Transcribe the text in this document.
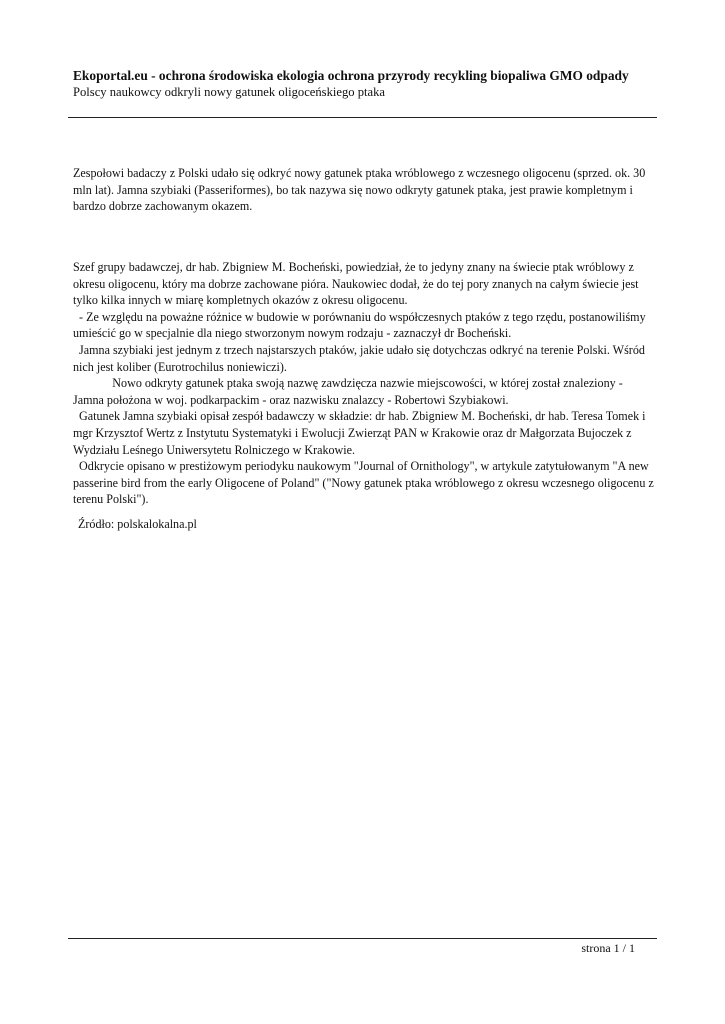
Ekoportal.eu - ochrona środowiska ekologia ochrona przyrody recykling biopaliwa GMO odpady
Polscy naukowcy odkryli nowy gatunek oligoceńskiego ptaka

Zespołowi badaczy z Polski udało się odkryć nowy gatunek ptaka wróblowego z wczesnego oligocenu (sprzed. ok. 30
mln lat). Jamna szybiaki (Passeriformes), bo tak nazywa się nowo odkryty gatunek ptaka, jest prawie kompletnym i
bardzo dobrze zachowanym okazem.

Szef grupy badawczej, dr hab. Zbigniew M. Bocheński, powiedział, że to jedyny znany na świecie ptak wróblowy z
okresu oligocenu, który ma dobrze zachowane pióra. Naukowiec dodał, że do tej pory znanych na całym świecie jest
tylko kilka innych w miarę kompletnych okazów z okresu oligocenu.
- Ze względu na poważne różnice w budowie w porównaniu do współczesnych ptaków z tego rzędu, postanowiliśmy
umieścić go w specjalnie dla niego stworzonym nowym rodzaju - zaznaczył dr Bocheński.
Jamna szybiaki jest jednym z trzech najstarszych ptaków, jakie udało się dotychczas odkryć na terenie Polski. Wśród
nich jest koliber (Eurotrochilus noniewiczi).
Nowo odkryty gatunek ptaka swoją nazwę zawdzięcza nazwie miejscowości, w której został znaleziony -
Jamna położona w woj. podkarpackim - oraz nazwisku znalazcy - Robertowi Szybiakowi.
Gatunek Jamna szybiaki opisał zespół badawczy w składzie: dr hab. Zbigniew M. Bocheński, dr hab. Teresa Tomek i
mgr Krzysztof Wertz z Instytutu Systematyki i Ewolucji Zwierząt PAN w Krakowie oraz dr Małgorzata Bujoczek z
Wydziału Leśnego Uniwersytetu Rolniczego w Krakowie.
Odkrycie opisano w prestiżowym periodyku naukowym "Journal of Ornithology", w artykule zatytułowanym "A new
passerine bird from the early Oligocene of Poland" ("Nowy gatunek ptaka wróblowego z okresu wczesnego oligocenu z
terenu Polski").

Źródło: polskalokalna.pl
strona 1 / 1
